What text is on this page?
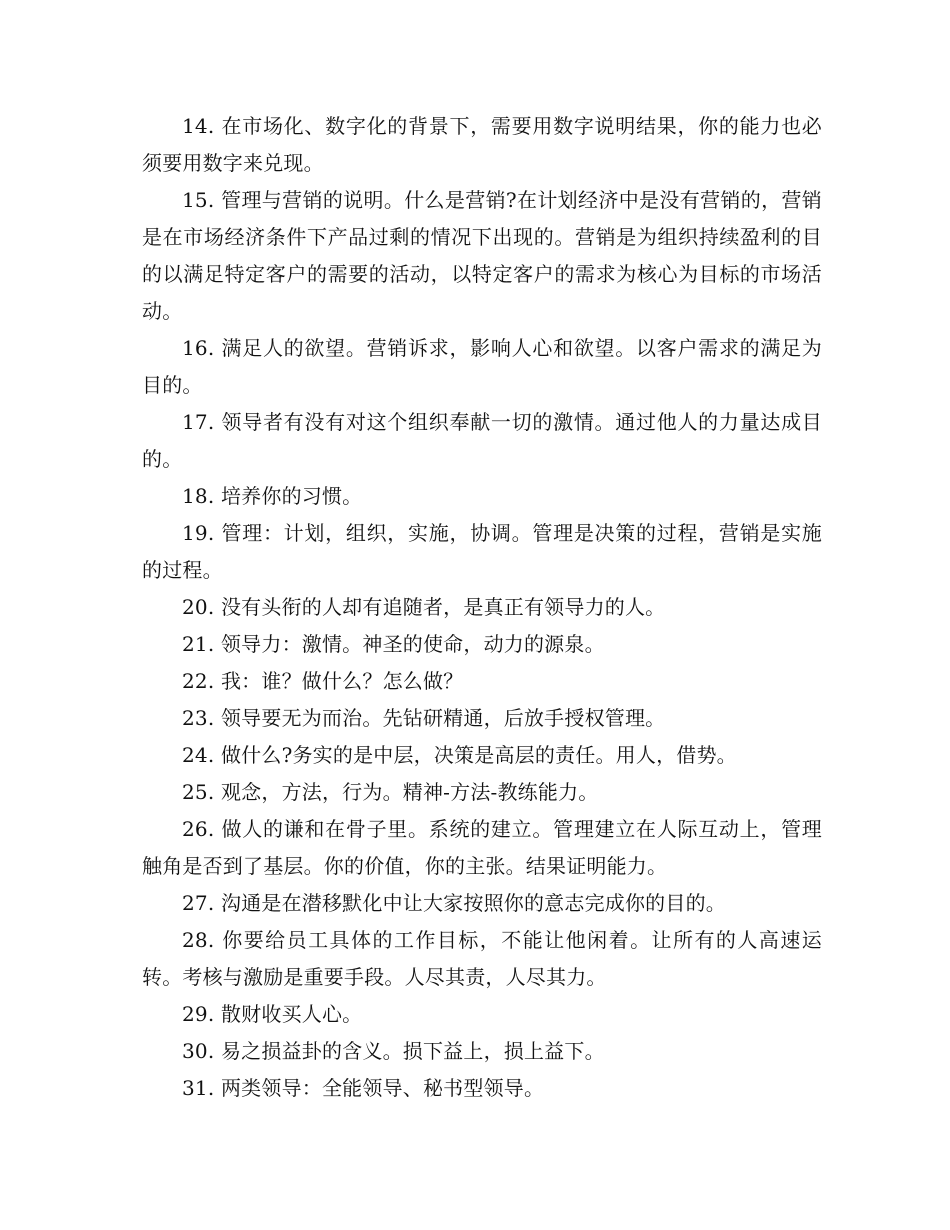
14. 在市场化、数字化的背景下，需要用数字说明结果，你的能力也必须要用数字来兑现。

15. 管理与营销的说明。什么是营销?在计划经济中是没有营销的，营销是在市场经济条件下产品过剩的情况下出现的。营销是为组织持续盈利的目的以满足特定客户的需要的活动，以特定客户的需求为核心为目标的市场活动。

16. 满足人的欲望。营销诉求，影响人心和欲望。以客户需求的满足为目的。

17. 领导者有没有对这个组织奉献一切的激情。通过他人的力量达成目的。

18. 培养你的习惯。

19. 管理：计划，组织，实施，协调。管理是决策的过程，营销是实施的过程。

20. 没有头衔的人却有追随者，是真正有领导力的人。

21. 领导力：激情。神圣的使命，动力的源泉。

22. 我：谁？做什么？怎么做？

23. 领导要无为而治。先钻研精通，后放手授权管理。

24. 做什么?务实的是中层，决策是高层的责任。用人，借势。

25. 观念，方法，行为。精神-方法-教练能力。

26. 做人的谦和在骨子里。系统的建立。管理建立在人际互动上，管理触角是否到了基层。你的价值，你的主张。结果证明能力。

27. 沟通是在潜移默化中让大家按照你的意志完成你的目的。

28. 你要给员工具体的工作目标，不能让他闲着。让所有的人高速运转。考核与激励是重要手段。人尽其责，人尽其力。

29. 散财收买人心。

30. 易之损益卦的含义。损下益上，损上益下。

31. 两类领导：全能领导、秘书型领导。
